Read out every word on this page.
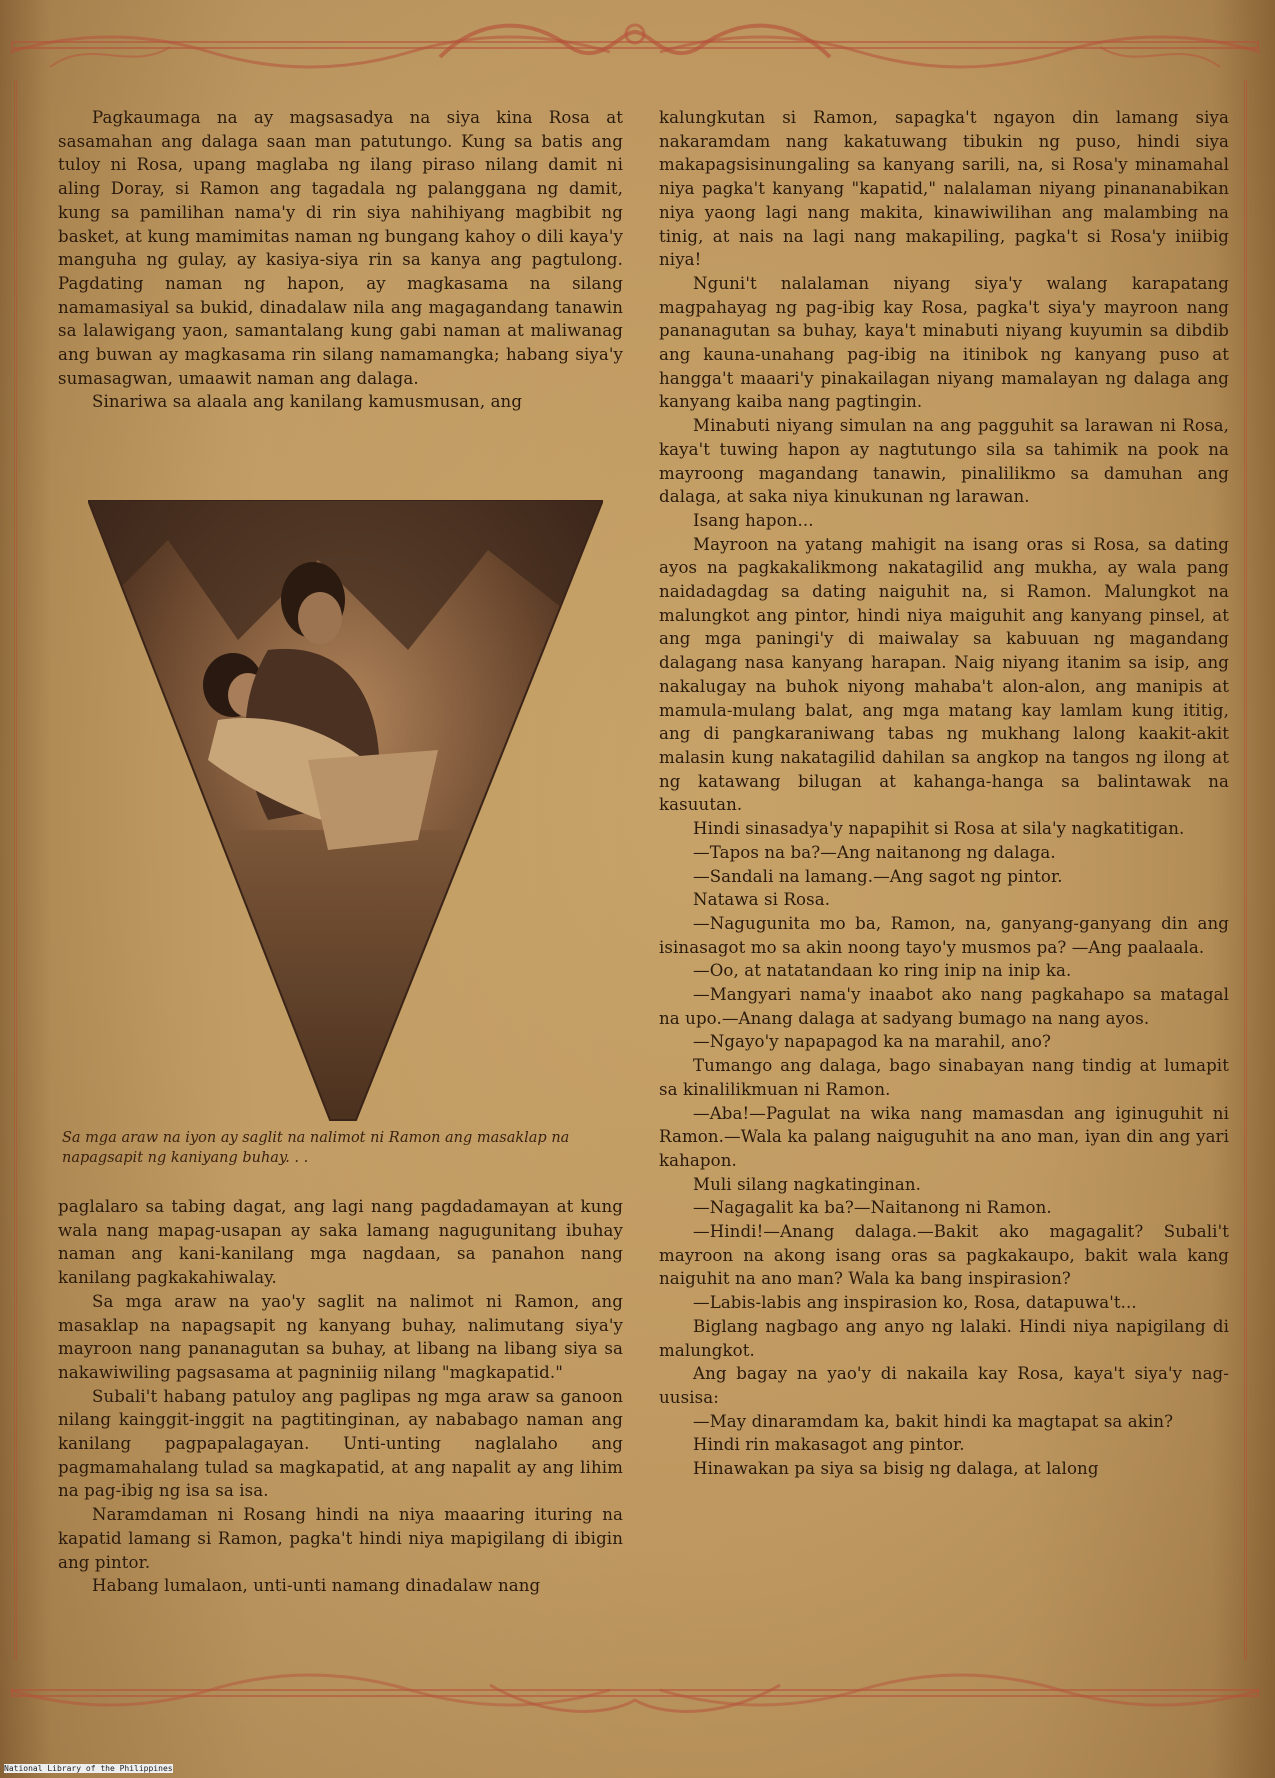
Pagkaumaga na ay magsasadya na siya kina Rosa at sasamahan ang dalaga saan man patutungo. Kung sa batis ang tuloy ni Rosa, upang maglaba ng ilang piraso nilang damit ni aling Doray, si Ramon ang tagadala ng palanggana ng damit, kung sa pamilihan nama'y di rin siya nahihiyang magbibit ng basket, at kung mamimitas naman ng bungang kahoy o dili kaya'y manguha ng gulay, ay kasiya-siya rin sa kanya ang pagtulong. Pagdating naman ng hapon, ay magkasama na silang namamasiyal sa bukid, dinadalaw nila ang magagandang tanawin sa lalawigang yaon, samantalang kung gabi naman at maliwanag ang buwan ay magkasama rin silang namamangka; habang siya'y sumasagwan, umaawit naman ang dalaga.

Sinariwa sa alaala ang kanilang kamusmusan, ang

Sa mga araw na iyon ay saglit na nalimot ni Ramon ang masaklap na napagsapit ng kaniyang buhay. . .

paglalaro sa tabing dagat, ang lagi nang pagdadamayan at kung wala nang mapag-usapan ay saka lamang nagugunitang ibuhay naman ang kani-kanilang mga nagdaan, sa panahon nang kanilang pagkakahiwalay.

Sa mga araw na yao'y saglit na nalimot ni Ramon, ang masaklap na napagsapit ng kanyang buhay, nalimutang siya'y mayroon nang pananagutan sa buhay, at libang na libang siya sa nakawiwiling pagsasama at pagniniig nilang "magkapatid."

Subali't habang patuloy ang paglipas ng mga araw sa ganoon nilang kainggit-inggit na pagtitinginan, ay nababago naman ang kanilang pagpapalagayan. Unti-unting naglalaho ang pagmamahalang tulad sa magkapatid, at ang napalit ay ang lihim na pag-ibig ng isa sa isa.

Naramdaman ni Rosang hindi na niya maaaring ituring na kapatid lamang si Ramon, pagka't hindi niya mapigilang di ibigin ang pintor.

Habang lumalaon, unti-unti namang dinadalaw nang

kalungkutan si Ramon, sapagka't ngayon din lamang siya nakaramdam nang kakatuwang tibukin ng puso, hindi siya makapagsisinungaling sa kanyang sarili, na, si Rosa'y minamahal niya pagka't kanyang "kapatid," nalalaman niyang pinananabikan niya yaong lagi nang makita, kinawiwilihan ang malambing na tinig, at nais na lagi nang makapiling, pagka't si Rosa'y iniibig niya!

Nguni't nalalaman niyang siya'y walang karapatang magpahayag ng pag-ibig kay Rosa, pagka't siya'y mayroon nang pananagutan sa buhay, kaya't minabuti niyang kuyumin sa dibdib ang kauna-unahang pag-ibig na itinibok ng kanyang puso at hangga't maaari'y pinakailagan niyang mamalayan ng dalaga ang kanyang kaiba nang pagtingin.

Minabuti niyang simulan na ang pagguhit sa larawan ni Rosa, kaya't tuwing hapon ay nagtutungo sila sa tahimik na pook na mayroong magandang tanawin, pinalilikmo sa damuhan ang dalaga, at saka niya kinukunan ng larawan.

Isang hapon...

Mayroon na yatang mahigit na isang oras si Rosa, sa dating ayos na pagkakalikmong nakatagilid ang mukha, ay wala pang naidadagdag sa dating naiguhit na, si Ramon. Malungkot na malungkot ang pintor, hindi niya maiguhit ang kanyang pinsel, at ang mga paningi'y di maiwalay sa kabuuan ng magandang dalagang nasa kanyang harapan. Naig niyang itanim sa isip, ang nakalugay na buhok niyong mahaba't alon-alon, ang manipis at mamula-mulang balat, ang mga matang kay lamlam kung ititig, ang di pangkaraniwang tabas ng mukhang lalong kaakit-akit malasin kung nakatagilid dahilan sa angkop na tangos ng ilong at ng katawang bilugan at kahanga-hanga sa balintawak na kasuutan.

Hindi sinasadya'y napapihit si Rosa at sila'y nagkatitigan.

—Tapos na ba?—Ang naitanong ng dalaga.

—Sandali na lamang.—Ang sagot ng pintor.

Natawa si Rosa.

—Nagugunita mo ba, Ramon, na, ganyang-ganyang din ang isinasagot mo sa akin noong tayo'y musmos pa? —Ang paalaala.

—Oo, at natatandaan ko ring inip na inip ka.

—Mangyari nama'y inaabot ako nang pagkahapo sa matagal na upo.—Anang dalaga at sadyang bumago na nang ayos.

—Ngayo'y napapagod ka na marahil, ano?

Tumango ang dalaga, bago sinabayan nang tindig at lumapit sa kinalilikmuan ni Ramon.

—Aba!—Pagulat na wika nang mamasdan ang iginuguhit ni Ramon.—Wala ka palang naiguguhit na ano man, iyan din ang yari kahapon.

Muli silang nagkatinginan.

—Nagagalit ka ba?—Naitanong ni Ramon.

—Hindi!—Anang dalaga.—Bakit ako magagalit? Subali't mayroon na akong isang oras sa pagkakaupo, bakit wala kang naiguhit na ano man? Wala ka bang inspirasion?

—Labis-labis ang inspirasion ko, Rosa, datapuwa't...

Biglang nagbago ang anyo ng lalaki. Hindi niya napigilang di malungkot.

Ang bagay na yao'y di nakaila kay Rosa, kaya't siya'y nag-uusisa:

—May dinaramdam ka, bakit hindi ka magtapat sa akin?

Hindi rin makasagot ang pintor.

Hinawakan pa siya sa bisig ng dalaga, at lalong

National Library of the Philippines
